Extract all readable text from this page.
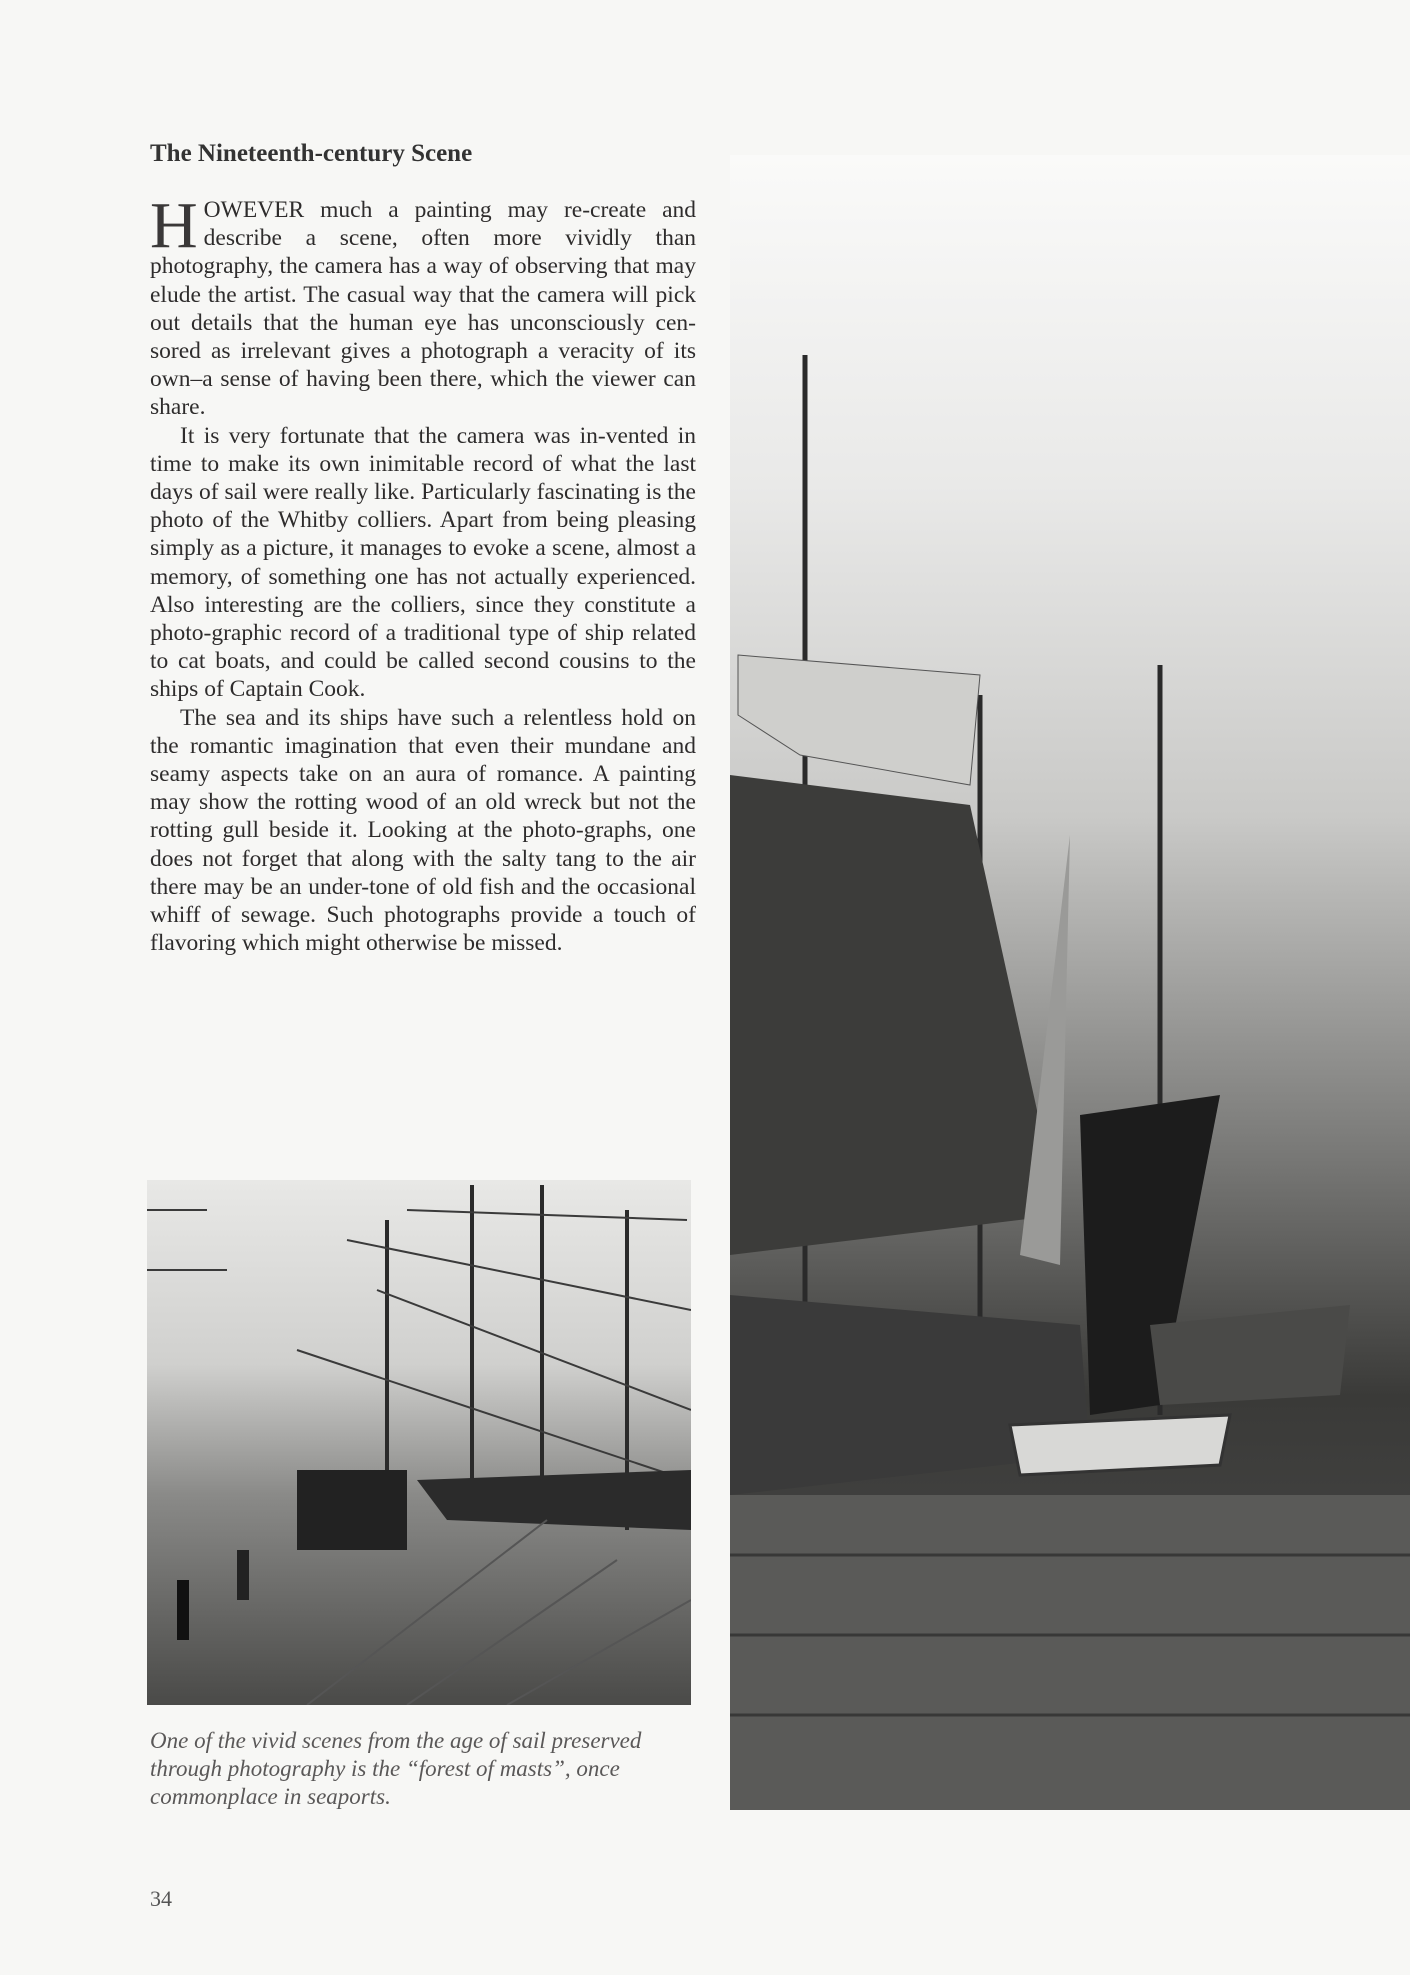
The Nineteenth-century Scene

HOWEVER much a painting may re-create and describe a scene, often more vividly than photography, the camera has a way of observing that may elude the artist. The casual way that the camera will pick out details that the human eye has unconsciously cen-sored as irrelevant gives a photograph a veracity of its own–a sense of having been there, which the viewer can share.

It is very fortunate that the camera was in-vented in time to make its own inimitable record of what the last days of sail were really like. Particularly fascinating is the photo of the Whitby colliers. Apart from being pleasing simply as a picture, it manages to evoke a scene, almost a memory, of something one has not actually experienced. Also interesting are the colliers, since they constitute a photo-graphic record of a traditional type of ship related to cat boats, and could be called second cousins to the ships of Captain Cook.

The sea and its ships have such a relentless hold on the romantic imagination that even their mundane and seamy aspects take on an aura of romance. A painting may show the rotting wood of an old wreck but not the rotting gull beside it. Looking at the photo-graphs, one does not forget that along with the salty tang to the air there may be an under-tone of old fish and the occasional whiff of sewage. Such photographs provide a touch of flavoring which might otherwise be missed.

One of the vivid scenes from the age of sail preserved through photography is the “forest of masts”, once commonplace in seaports.
34
